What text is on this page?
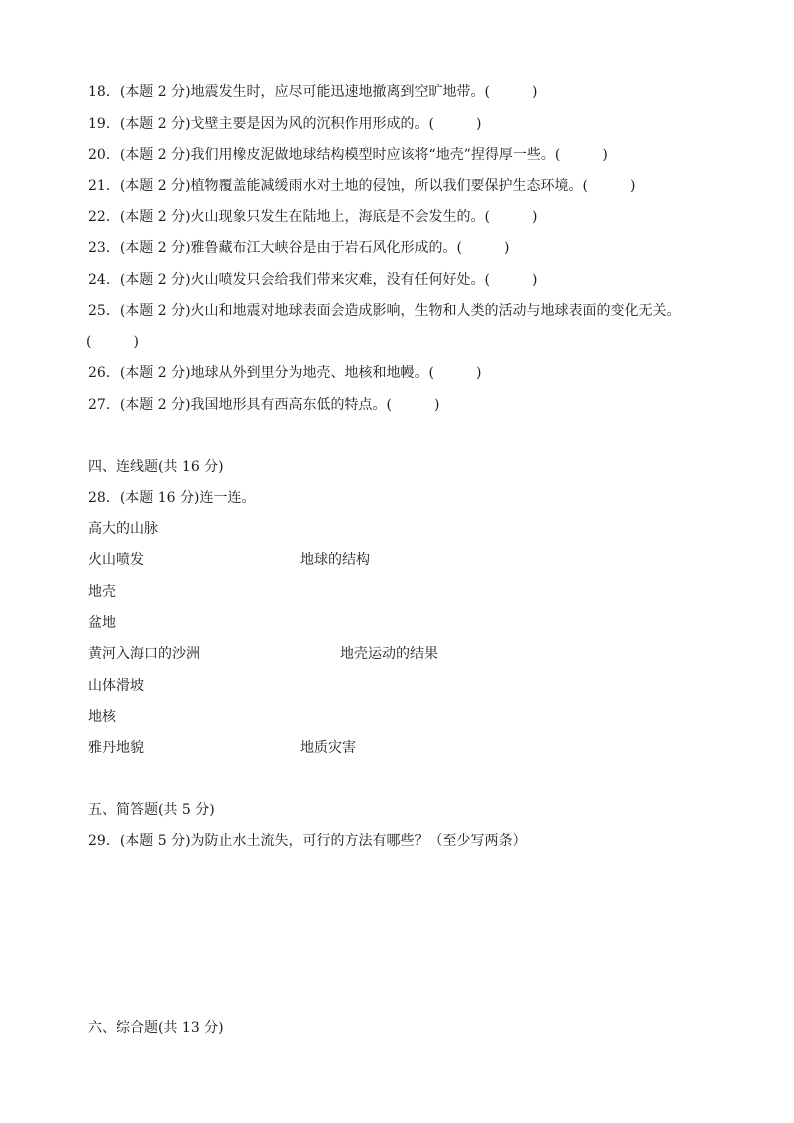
18．(本题 2 分)地震发生时，应尽可能迅速地撤离到空旷地带。(　　　)
19．(本题 2 分)戈壁主要是因为风的沉积作用形成的。(　　　)
20．(本题 2 分)我们用橡皮泥做地球结构模型时应该将“地壳”捏得厚一些。(　　　)
21．(本题 2 分)植物覆盖能减缓雨水对土地的侵蚀，所以我们要保护生态环境。(　　　)
22．(本题 2 分)火山现象只发生在陆地上，海底是不会发生的。(　　　)
23．(本题 2 分)雅鲁藏布江大峡谷是由于岩石风化形成的。(　　　)
24．(本题 2 分)火山喷发只会给我们带来灾难，没有任何好处。(　　　)
25．(本题 2 分)火山和地震对地球表面会造成影响，生物和人类的活动与地球表面的变化无关。
(　　　)
26．(本题 2 分)地球从外到里分为地壳、地核和地幔。(　　　)
27．(本题 2 分)我国地形具有西高东低的特点。(　　　)
四、连线题(共 16 分)
28．(本题 16 分)连一连。
高大的山脉
火山喷发	地球的结构
地壳
盆地
黄河入海口的沙洲	地壳运动的结果
山体滑坡
地核
雅丹地貌	地质灾害
五、简答题(共 5 分)
29．(本题 5 分)为防止水土流失，可行的方法有哪些？（至少写两条）
六、综合题(共 13 分)
